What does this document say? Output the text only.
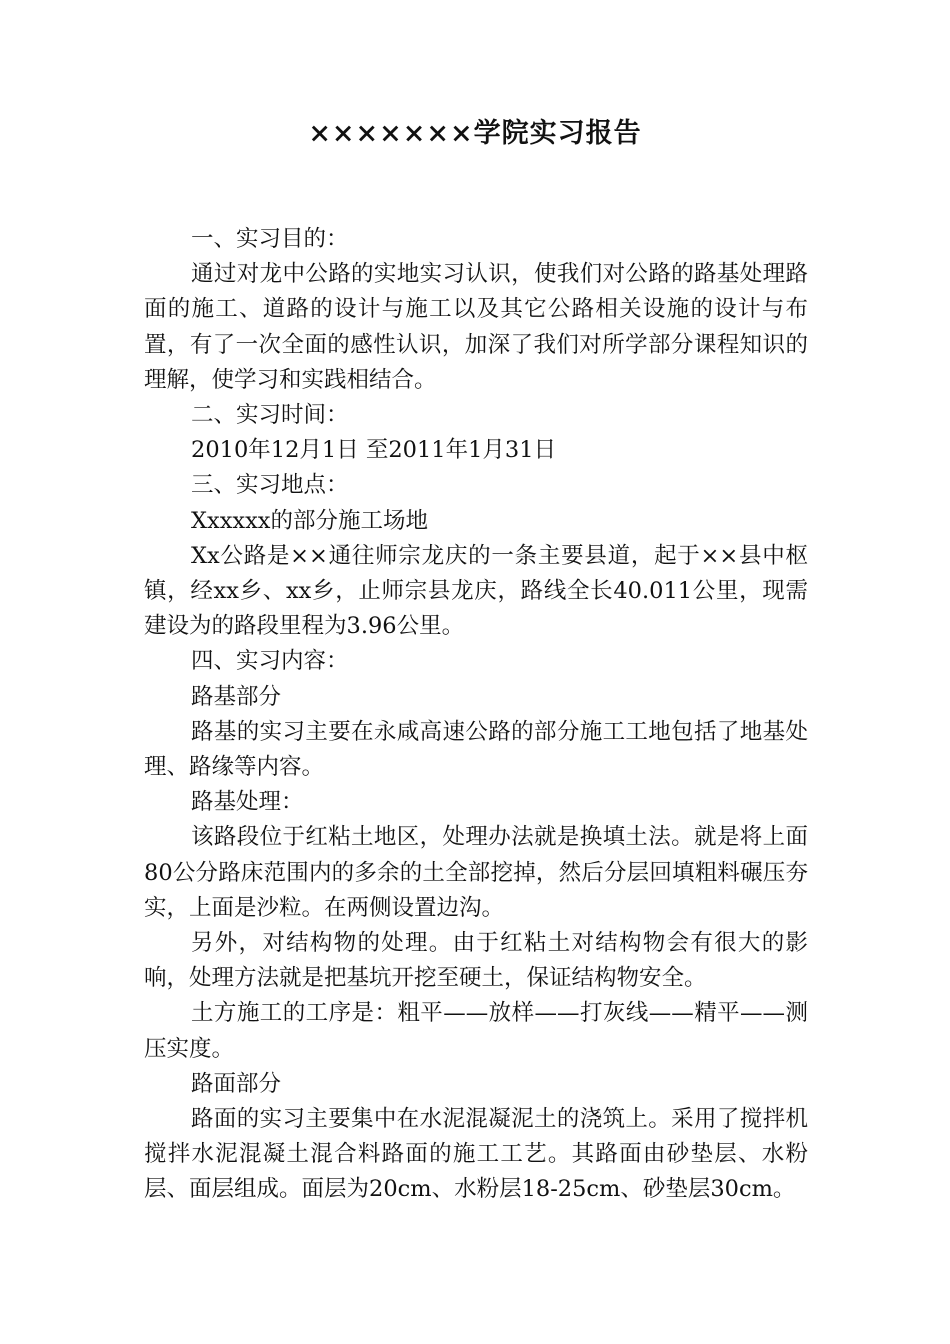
×××××××学院实习报告

一、实习目的：

通过对龙中公路的实地实习认识，使我们对公路的路基处理路面的施工、道路的设计与施工以及其它公路相关设施的设计与布置，有了一次全面的感性认识，加深了我们对所学部分课程知识的理解，使学习和实践相结合。

二、实习时间：

2010年12月1日 至2011年1月31日

三、实习地点：

Xxxxxx的部分施工场地

Xx公路是××通往师宗龙庆的一条主要县道，起于××县中枢镇，经xx乡、xx乡，止师宗县龙庆，路线全长40.011公里，现需建设为的路段里程为3.96公里。

四、实习内容：

路基部分

路基的实习主要在永咸高速公路的部分施工工地包括了地基处理、路缘等内容。

路基处理：

该路段位于红粘土地区，处理办法就是换填土法。就是将上面80公分路床范围内的多余的土全部挖掉，然后分层回填粗料碾压夯实，上面是沙粒。在两侧设置边沟。

另外，对结构物的处理。由于红粘土对结构物会有很大的影响，处理方法就是把基坑开挖至硬土，保证结构物安全。

土方施工的工序是：粗平——放样——打灰线——精平——测压实度。

路面部分

路面的实习主要集中在水泥混凝泥土的浇筑上。采用了搅拌机搅拌水泥混凝土混合料路面的施工工艺。其路面由砂垫层、水粉层、面层组成。面层为20cm、水粉层18-25cm、砂垫层30cm。
